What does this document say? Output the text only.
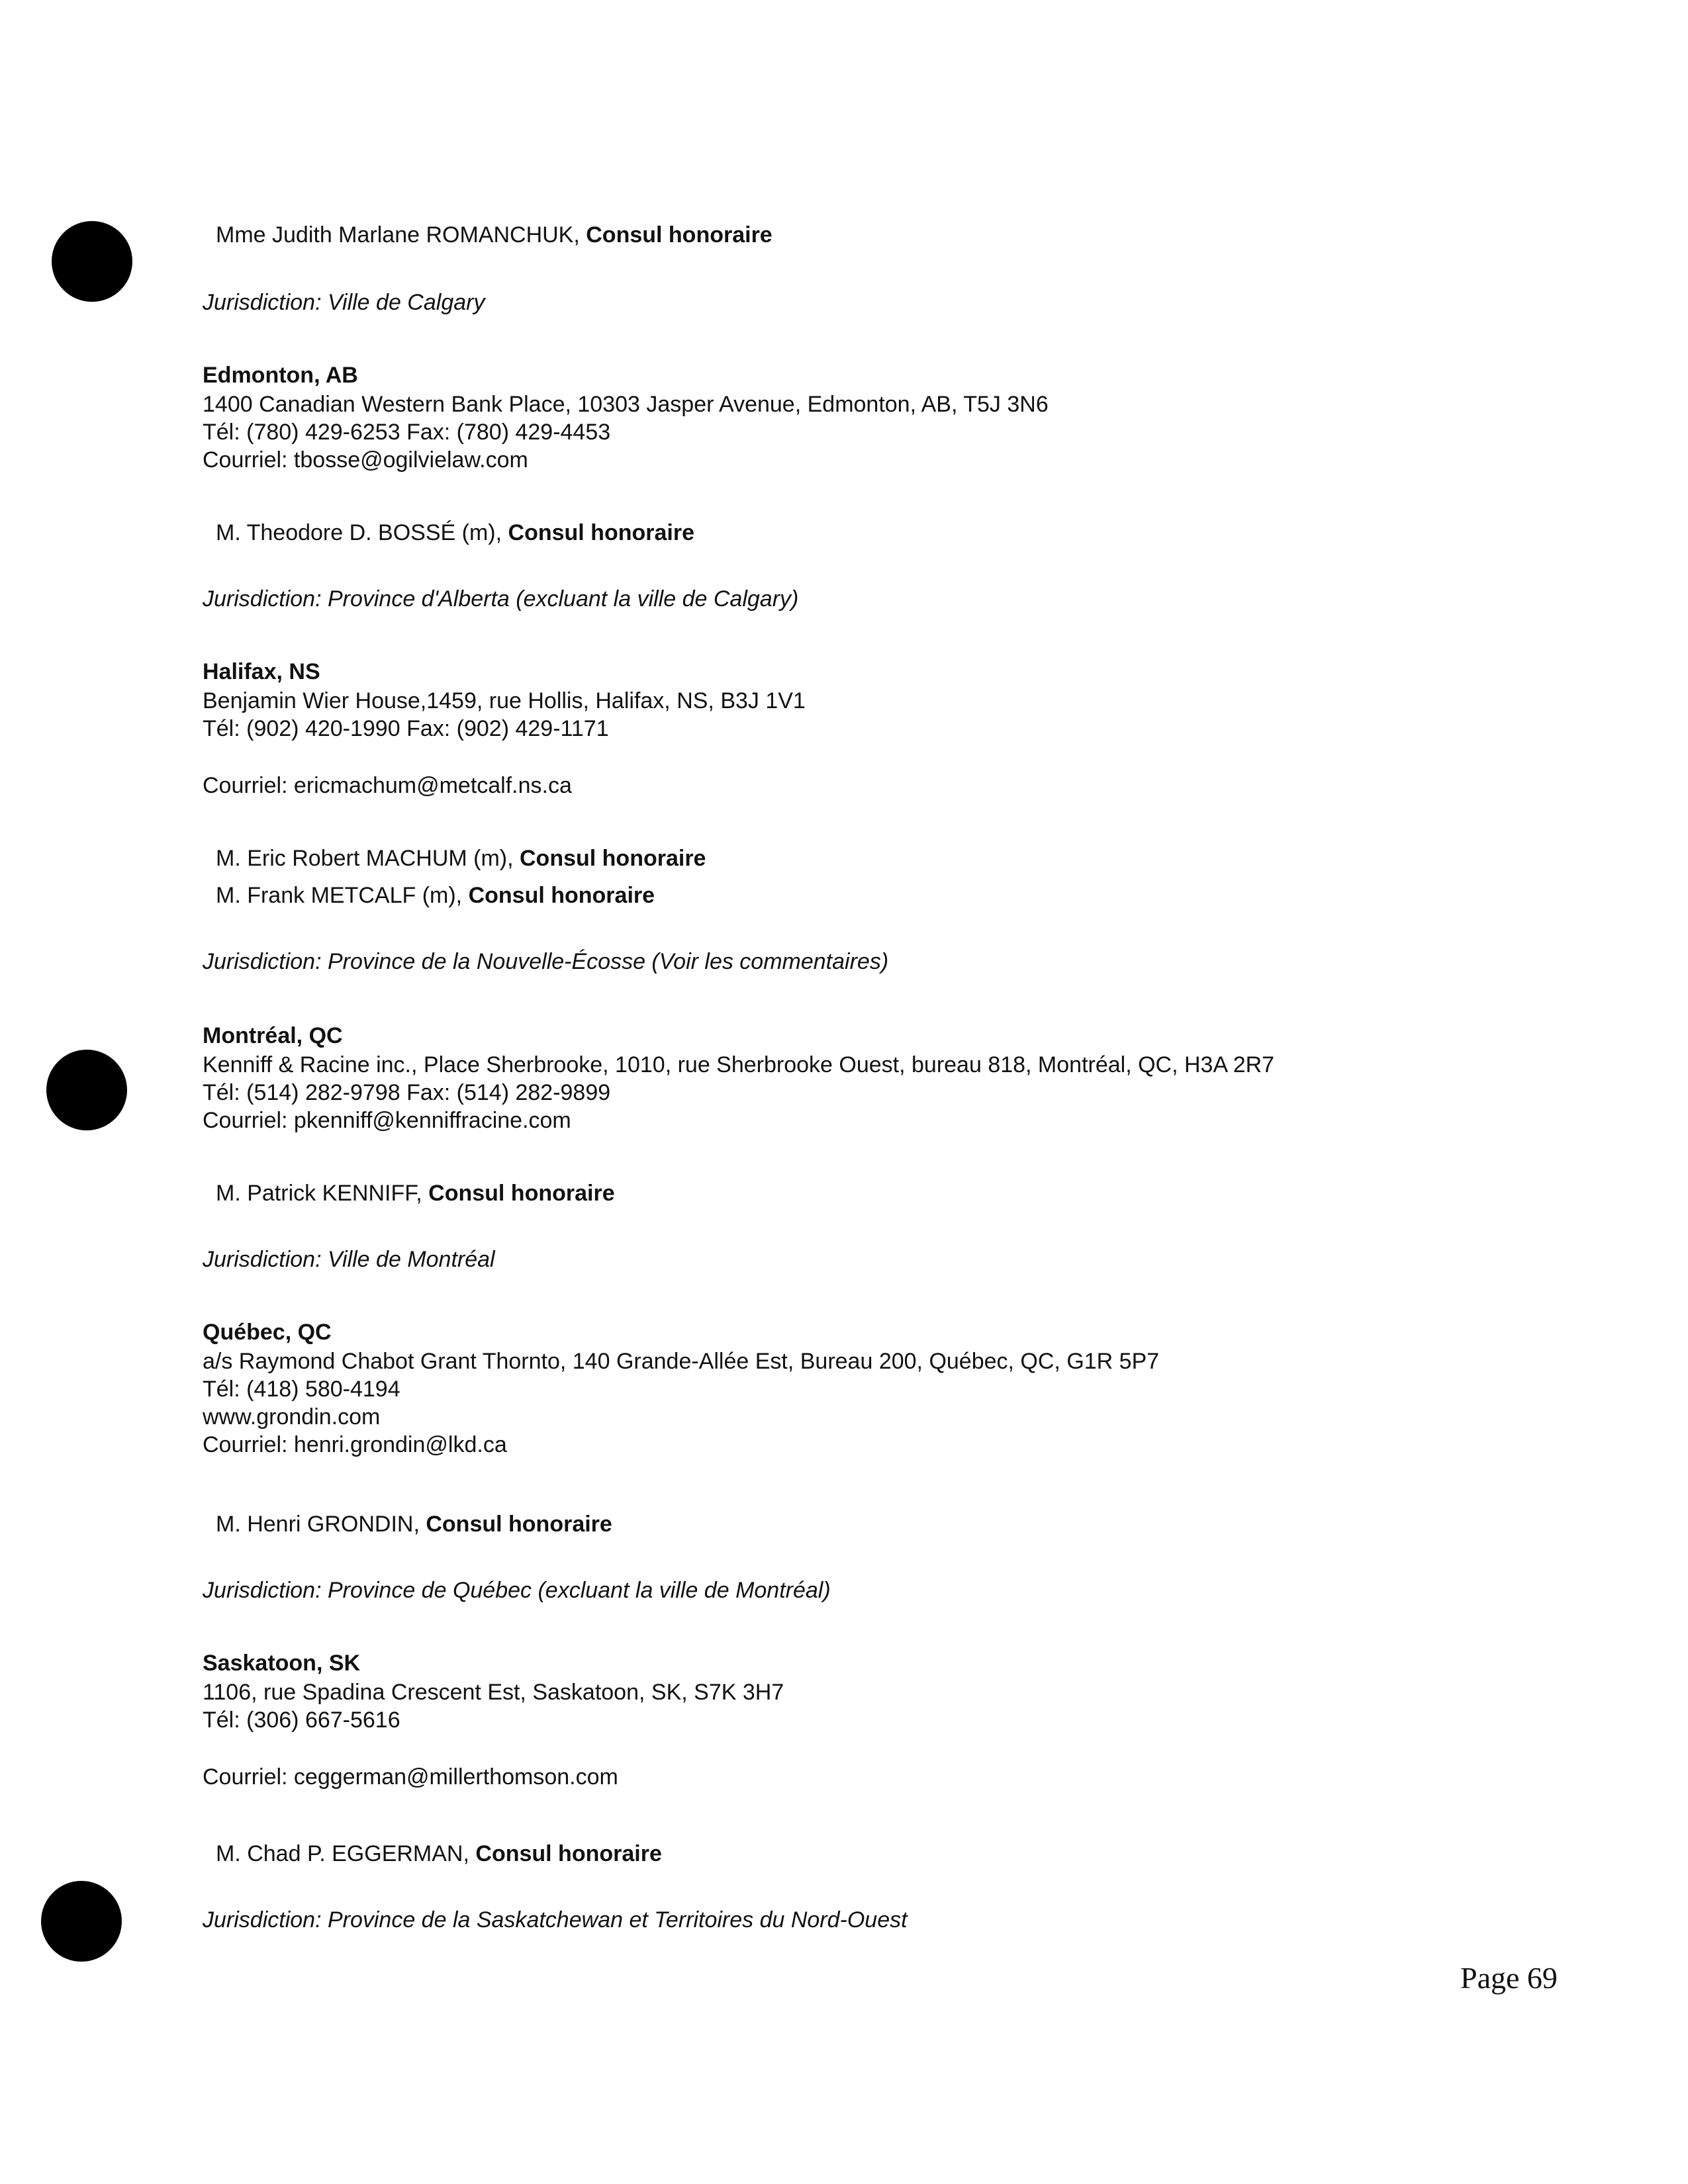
Mme Judith Marlane ROMANCHUK, Consul honoraire
Jurisdiction: Ville de Calgary
Edmonton, AB
1400 Canadian Western Bank Place, 10303 Jasper Avenue, Edmonton, AB, T5J 3N6
Tél: (780) 429-6253 Fax: (780) 429-4453
Courriel: tbosse@ogilvielaw.com
M. Theodore D. BOSSÉ (m), Consul honoraire
Jurisdiction: Province d'Alberta (excluant la ville de Calgary)
Halifax, NS
Benjamin Wier House,1459, rue Hollis, Halifax, NS, B3J 1V1
Tél: (902) 420-1990 Fax: (902) 429-1171
Courriel: ericmachum@metcalf.ns.ca
M. Eric Robert MACHUM (m), Consul honoraire
M. Frank METCALF (m), Consul honoraire
Jurisdiction: Province de la Nouvelle-Écosse (Voir les commentaires)
Montréal, QC
Kenniff & Racine inc., Place Sherbrooke, 1010, rue Sherbrooke Ouest, bureau 818, Montréal, QC, H3A 2R7
Tél: (514) 282-9798 Fax: (514) 282-9899
Courriel: pkenniff@kenniffracine.com
M. Patrick KENNIFF, Consul honoraire
Jurisdiction: Ville de Montréal
Québec, QC
a/s Raymond Chabot Grant Thornto, 140 Grande-Allée Est, Bureau 200, Québec, QC, G1R 5P7
Tél: (418) 580-4194
www.grondin.com
Courriel: henri.grondin@lkd.ca
M. Henri GRONDIN, Consul honoraire
Jurisdiction: Province de Québec (excluant la ville de Montréal)
Saskatoon, SK
1106, rue Spadina Crescent Est, Saskatoon, SK, S7K 3H7
Tél: (306) 667-5616
Courriel: ceggerman@millerthomson.com
M. Chad P. EGGERMAN, Consul honoraire
Jurisdiction: Province de la Saskatchewan et Territoires du Nord-Ouest
Page 69
